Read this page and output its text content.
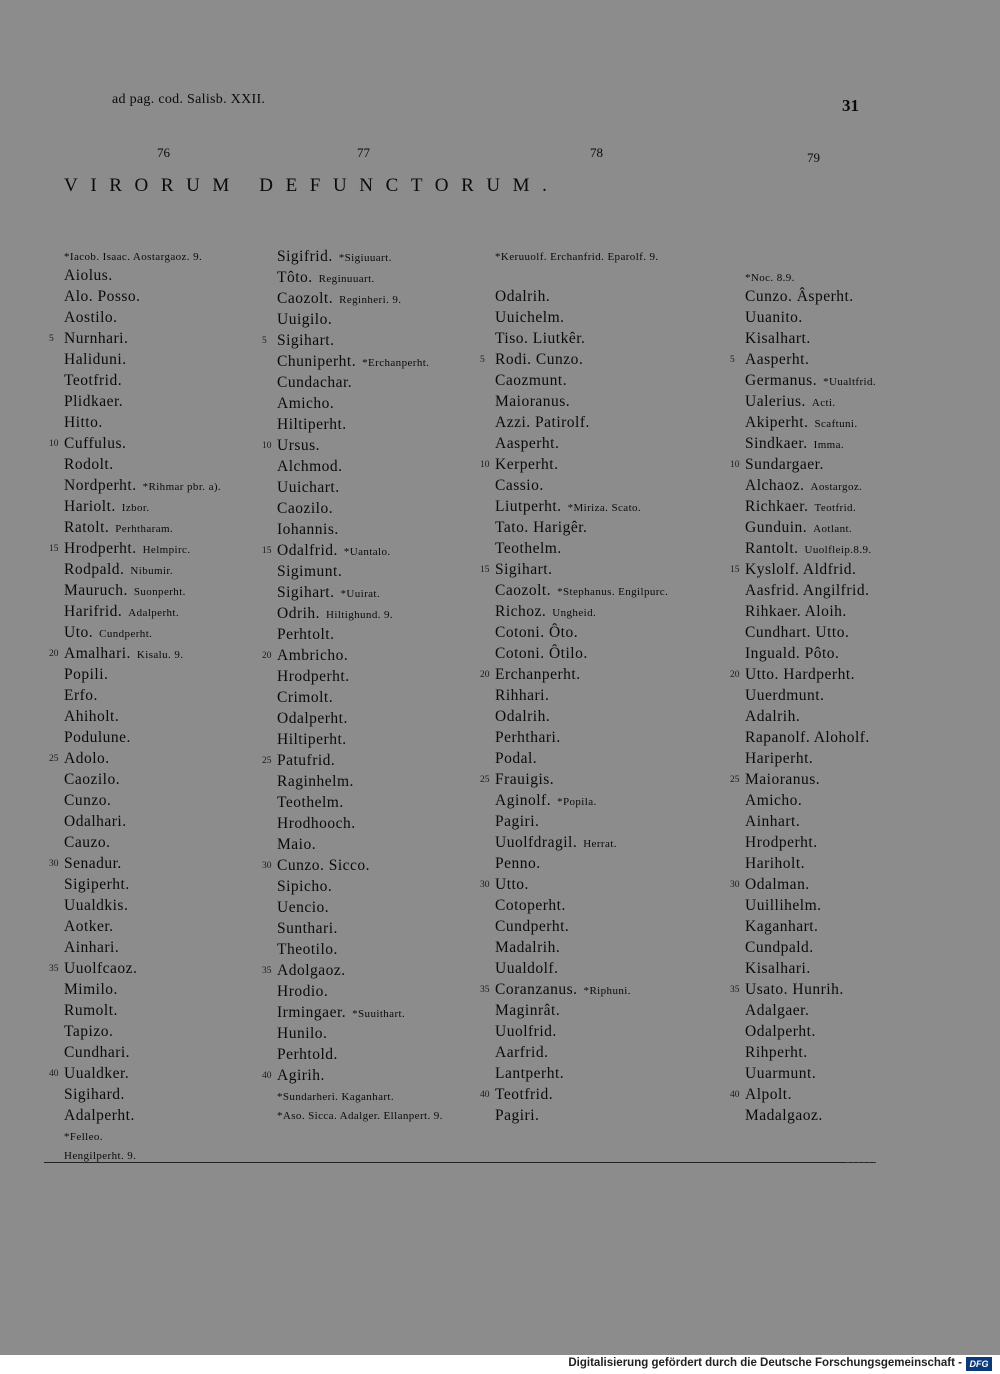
ad pag. cod. Salisb. XXII.	31
76	77	78	79
VIRORUM DEFUNCTORUM.
*Iacob. Isaac. Aostargaoz. 9.
Aiolus.
Alo. Posso.
Aostilo.
5 Nurnhari.
Haliduni.
Teotfrid.
Plidkaer.
Hitto.
10 Cuffulus.
Rodolt.
Nordperht. *Rihmar pbr. a).
Hariolt. Izbor.
Ratolt. Perhtharam.
15 Hrodperht. Helmpirc.
Rodpald. Nibumir.
Mauruch. Suonperht.
Harifrid. Adalperht.
Uto. Cundperht.
20 Amalhari. Kisalu. 9.
Popili.
Erfo.
Ahiholt.
Podulune.
25 Adolo.
Caozilo.
Cunzo.
Odalhari.
Cauzo.
30 Senadur.
Sigiperht.
Uualdkis.
Aotker.
Ainhari.
35 Uuolfcaoz.
Mimilo.
Rumolt.
Tapizo.
Cundhari.
40 Uualdker.
Sigihard.
Adalperht.
*Felleo.
Hengilperht. 9.
Sigifrid. *Sigiuuart.
Tôto. Reginuuart.
Caozolt. Reginheri. 9.
Uuigilo.
5 Sigihart.
Chuniperht. *Erchanperht.
Cundachar.
Amicho.
Hiltiperht.
10 Ursus.
Alchmod.
Uuichart.
Caozilo.
Iohannis.
15 Odalfrid. *Uantalo.
Sigimunt.
Sigihart. *Uuirat.
Odrih. Hiltighund. 9.
Perhtolt.
20 Ambricho.
Hrodperht.
Crimolt.
Odalperht.
Hiltiperht.
25 Patufrid.
Raginhelm.
Teothelm.
Hrodhooch.
Maio.
30 Cunzo. Sicco.
Sipicho.
Uencio.
Sunthari.
Theotilo.
35 Adolgaoz.
Hrodio.
Irmingaer. *Suuithart.
Hunilo.
Perhtold.
40 Agirih.
*Sundarheri. Kaganhart.
*Aso. Sicca. Adalger. Ellanpert. 9.
*Keruuolf. Erchanfrid. Eparolf. 9.
Odalrih.
Uuichelm.
Tiso. Liutkêr.
5 Rodi. Cunzo.
Caozmunt.
Maioranus.
Azzi. Patirolf.
Aasperht.
10 Kerperht.
Cassio.
Liutperht. *Miriza. Scato.
Tato. Harigêr.
Teothelm.
15 Sigihart.
Caozolt. *Stephanus. Engilpurc.
Richoz. Ungheid.
Cotoni. Ôto.
Cotoni. Ôtilo.
20 Erchanperht.
Rihhari.
Odalrih.
Perhthari.
Podal.
25 Frauigis.
Aginolf. *Popila.
Pagiri.
Uuolfdragil. Herrat.
Penno.
30 Utto.
Cotoperht.
Cundperht.
Madalrih.
Uualdolf.
35 Coranzanus. *Riphuni.
Maginrât.
Uuolfrid.
Aarfrid.
Lantperht.
40 Teotfrid.
Pagiri.
*Noc. 8.9.
Cunzo. Âsperht.
Uuanito.
Kisalhart.
5 Aasperht.
Germanus. *Uualtfrid.
Ualerius. Acti.
Akiperht. Scaftuni.
Sindkaer. Imma.
10 Sundargaer.
Alchaoz. Aostargoz.
Richkaer. Teotfrid.
Gunduin. Aotlant.
Rantolt. Uuolfleip.8.9.
15 Kyslolf. Aldfrid.
Aasfrid. Angilfrid.
Rihkaer. Aloih.
Cundhart. Utto.
Inguald. Pôto.
20 Utto. Hardperht.
Uuerdmunt.
Adalrih.
Rapanolf. Aloholf.
Hariperht.
25 Maioranus.
Amicho.
Ainhart.
Hrodperht.
Hariholt.
30 Odalman.
Uuillihelm.
Kaganhart.
Cundpald.
Kisalhari.
35 Usato. Hunrih.
Adalgaer.
Odalperht.
Rihperht.
Uuarmunt.
40 Alpolt.
Madalgaoz.
Digitalisierung gefördert durch die Deutsche Forschungsgemeinschaft - DFG
